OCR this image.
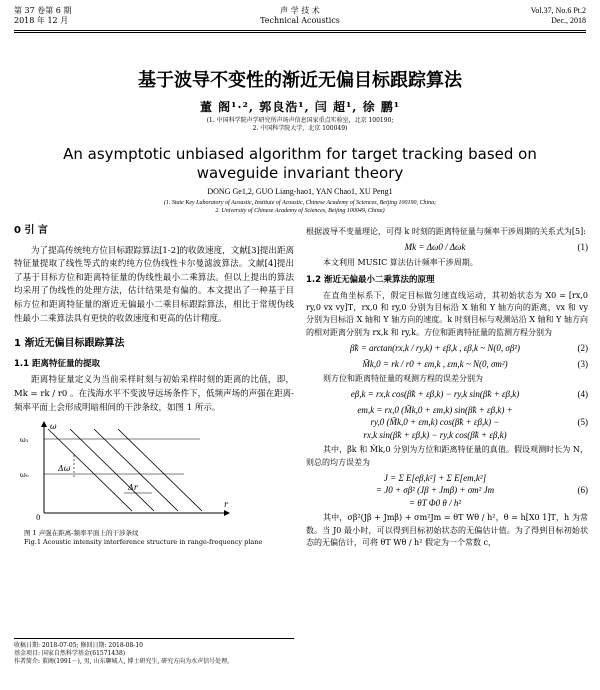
第 37 卷第 6 期
2018 年 12 月
声 学 技 术
Technical Acoustics
Vol.37, No.6 Pt.2
Dec., 2018
基于波导不变性的渐近无偏目标跟踪算法
董 阁¹·², 郭良浩¹, 闫 超¹, 徐 鹏¹
(1. 中国科学院声学研究所声场声信息国家重点实验室，北京 100190;
2. 中国科学院大学，北京 100049)
An asymptotic unbiased algorithm for target tracking based on waveguide invariant theory
DONG Ge1,2, GUO Liang-hao1, YAN Chao1, XU Peng1
(1. State Key Laboratory of Acoustic, Institute of Acoustic, Chinese Academy of Sciences, Beijing 100190, China;
2. University of Chinese Academy of Sciences, Beijing 100049, China)
0 引 言

为了提高传统纯方位目标跟踪算法[1-2]的收敛速度，文献[3]提出距离特征量提取了线性等式的束约纯方位伪线性卡尔曼滤波算法。文献[4]提出了基于目标方位和距离特征量的伪线性最小二乘算法。但以上提出的算法均采用了伪线性的处理方法，估计结果是有偏的。本文提出了一种基于目标方位和距离特征量的渐近无偏最小二乘目标跟踪算法，相比于常规伪线性最小二乘算法具有更快的收敛速度和更高的估计精度。

1 渐近无偏目标跟踪算法
1.1 距离特征量的提取

距离特征量定义为当前采样时刻与初始采样时刻的距离的比值，即，Mk = rk / r0 。在浅海水平不变波导远场条件下，低频声场的声强在距离-频率平面上会形成明暗相间的干涉条纹，如图 1 所示。

ω
r
0
ω₁
ω₀
Δω
Δr
图 1 声强在距离-频率平面上的干涉条纹
Fig.1 Acoustic intensity interference structure in range-frequency plane
收稿日期: 2018-07-05; 修回日期: 2018-08-10
基金项目: 国家自然科学基金(61571438)
作者简介: 董阁(1991－), 男, 山东聊城人, 博士研究生, 研究方向为水声信号处理。

根据波导不变量理论，可得 k 时刻的距离特征量与频率干涉周期的关系式为[5]:

Mk = Δω0 / Δωk	(1)

本文利用 MUSIC 算法估计频率干涉周期。

1.2 渐近无偏最小二乘算法的原理

在直角坐标系下，假定目标做匀速直线运动，其初始状态为 X0 = [rx,0 ry,0 vx vy]T，rx,0 和 ry,0 分别为目标沿 X 轴和 Y 轴方向的距离，vx 和 vy 分别为目标沿 X 轴和 Y 轴方向的速度。k 时刻目标与观测站沿 X 轴和 Y 轴方向的相对距离分别为 rx,k 和 ry,k。方位和距离特征量的监测方程分别为

β̃k = arctan(rx,k / ry,k) + εβ,k , εβ,k ~ N(0, σβ²)	(2)
M̃k,0 = rk / r0 + εm,k , εm,k ~ N(0, σm²)	(3)

则方位和距离特征量的观测方程的误差分别为

eβ,k = rx,k cos(β̃k + εβ,k) − ry,k sin(β̃k + εβ,k)	(4)
em,k = rx,0 (M̃k,0 + εm,k) sin(β̃k + εβ,k) +
ry,0 (M̃k,0 + εm,k) cos(β̃k + εβ,k) −	(5)
rx,k sin(β̃k + εβ,k) − ry,k cos(β̃k + εβ,k)

其中，β̃k 和 M̃k,0 分别为方位和距离特征量的真值。假设观测时长为 N，则总的均方误差为

J = Σ E[eβ,k²] + Σ E[em,k²]
= J0 + σβ² (Jβ + Jmβ) + σm² Jm	(6)
= θT Φ0 θ / h²

其中，σβ²(Jβ + Jmβ) + σm²Jm = θT Wθ / h²，θ = h[X0 1]T，h 为常数。当 J0 最小时，可以得到目标初始状态的无偏估计值。为了得到目标初始状态的无偏估计，可将 θT Wθ / h² 假定为一个常数 c，
